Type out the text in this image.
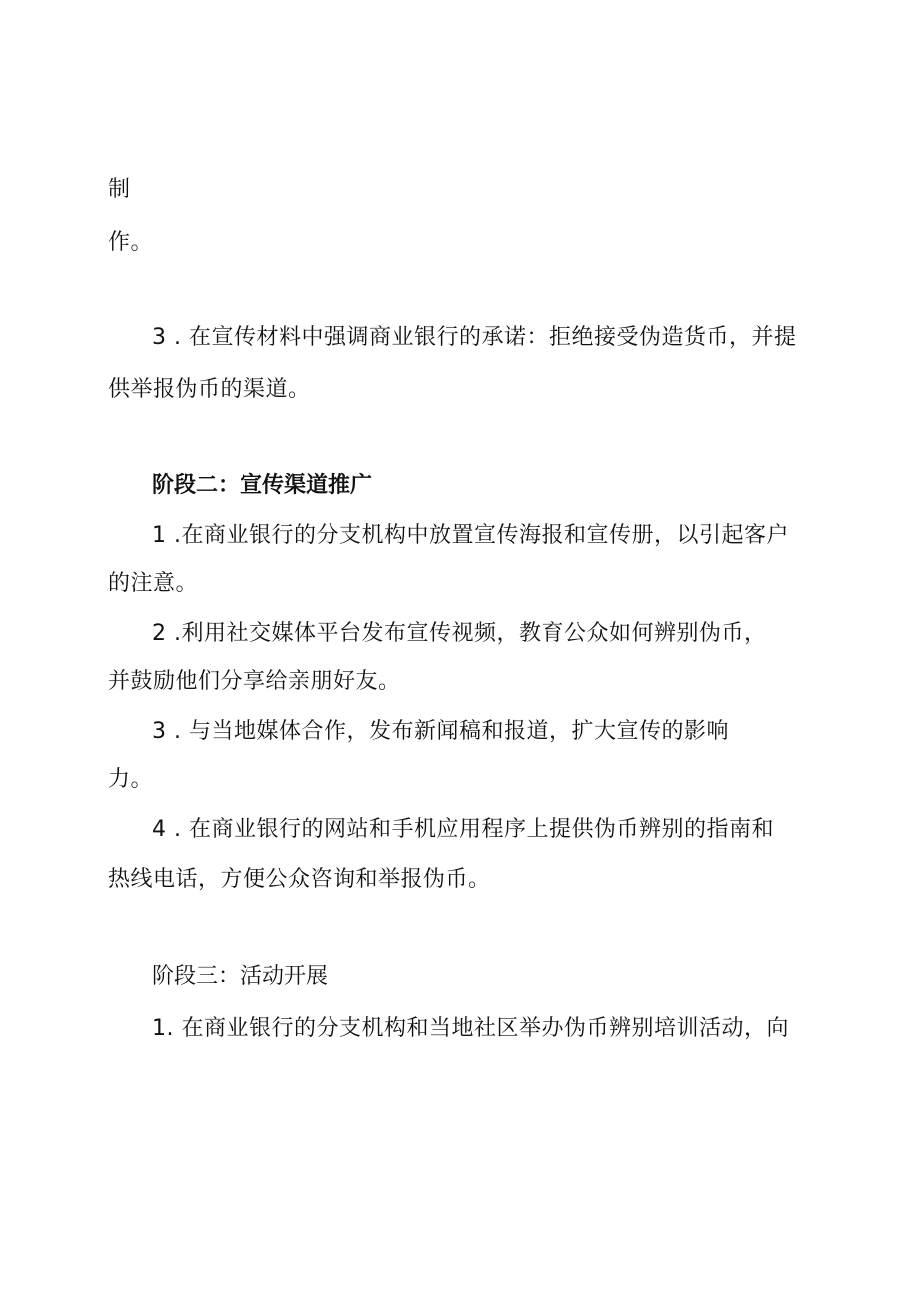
制
作。
3 . 在宣传材料中强调商业银行的承诺：拒绝接受伪造货币，并提
供举报伪币的渠道。
阶段二：宣传渠道推广
1 .在商业银行的分支机构中放置宣传海报和宣传册，以引起客户
的注意。
2 .利用社交媒体平台发布宣传视频，教育公众如何辨别伪币，
并鼓励他们分享给亲朋好友。
3 . 与当地媒体合作，发布新闻稿和报道，扩大宣传的影响
力。
4 . 在商业银行的网站和手机应用程序上提供伪币辨别的指南和
热线电话，方便公众咨询和举报伪币。
阶段三：活动开展
1. 在商业银行的分支机构和当地社区举办伪币辨别培训活动，向
